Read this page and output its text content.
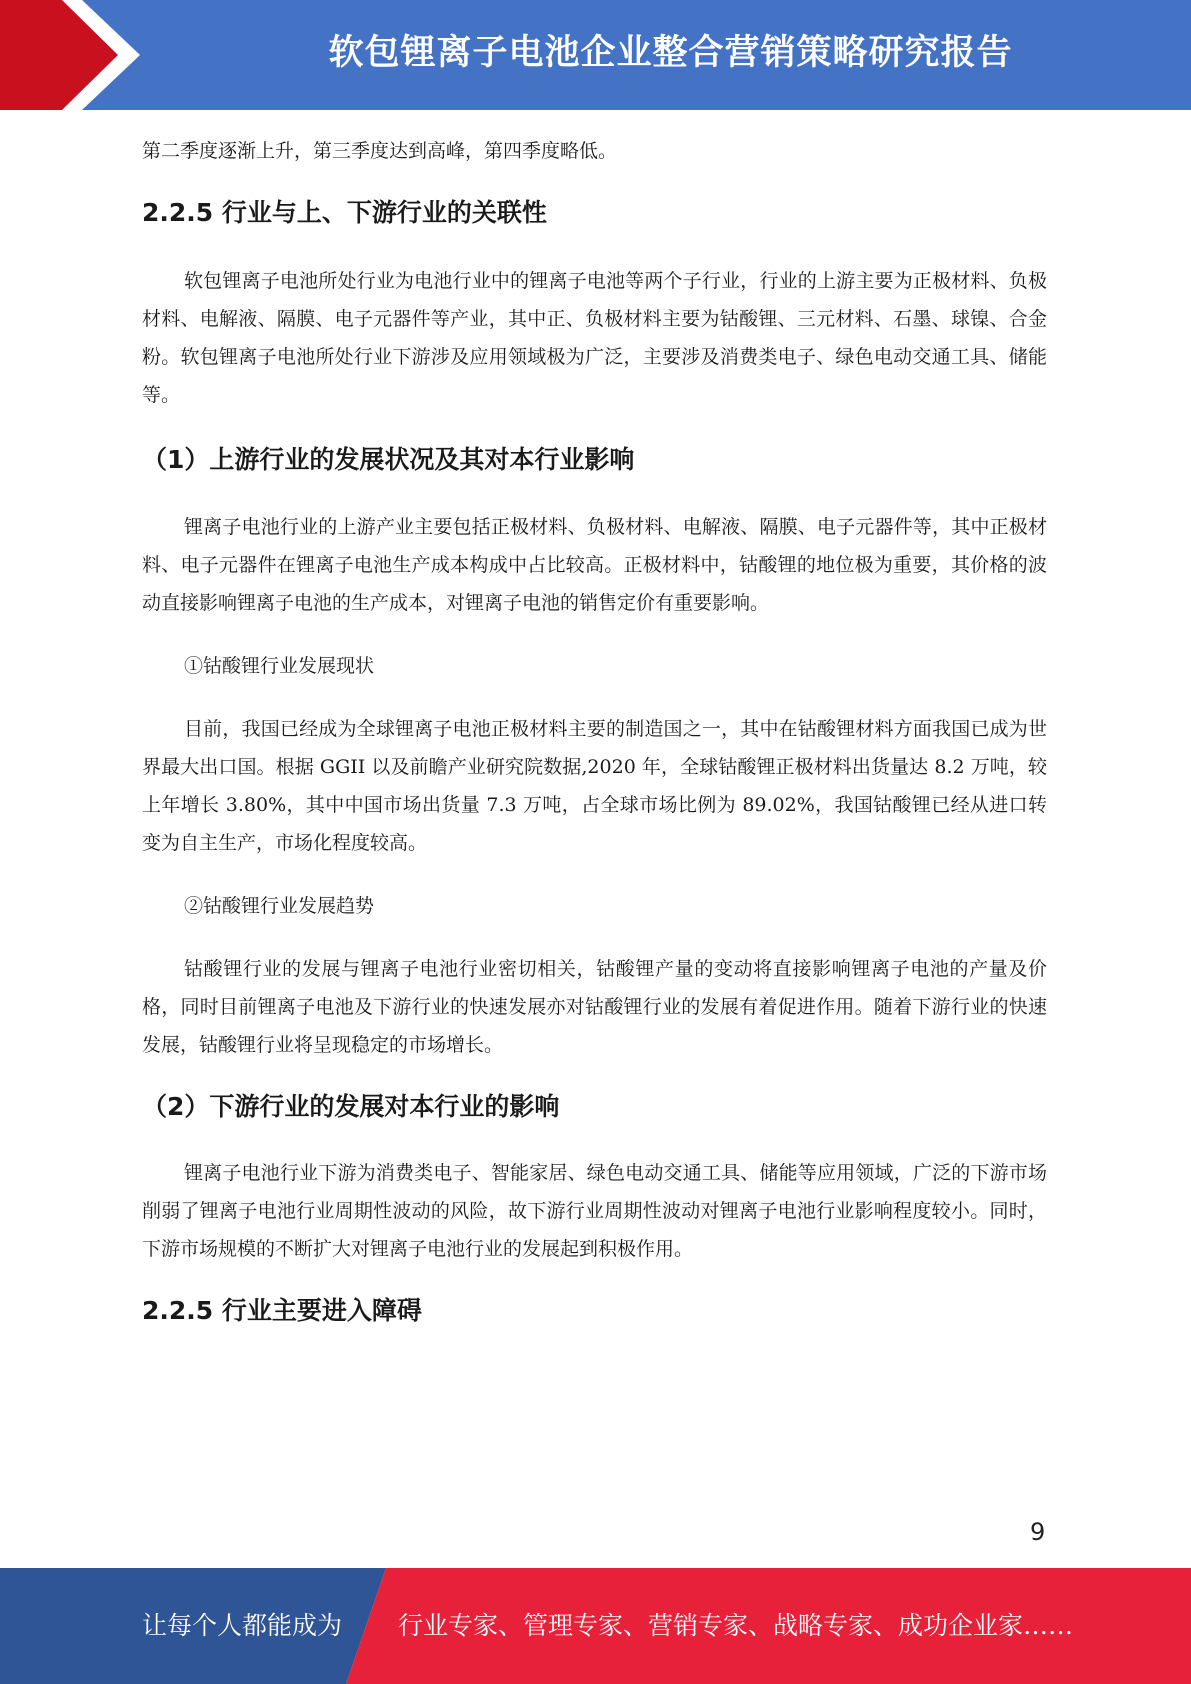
软包锂离子电池企业整合营销策略研究报告

第二季度逐渐上升，第三季度达到高峰，第四季度略低。

2.2.5 行业与上、下游行业的关联性

软包锂离子电池所处行业为电池行业中的锂离子电池等两个子行业，行业的上游主要为正极材料、负极材料、电解液、隔膜、电子元器件等产业，其中正、负极材料主要为钴酸锂、三元材料、石墨、球镍、合金粉。软包锂离子电池所处行业下游涉及应用领域极为广泛，主要涉及消费类电子、绿色电动交通工具、储能等。

（1）上游行业的发展状况及其对本行业影响

锂离子电池行业的上游产业主要包括正极材料、负极材料、电解液、隔膜、电子元器件等，其中正极材料、电子元器件在锂离子电池生产成本构成中占比较高。正极材料中，钴酸锂的地位极为重要，其价格的波动直接影响锂离子电池的生产成本，对锂离子电池的销售定价有重要影响。

①钴酸锂行业发展现状

目前，我国已经成为全球锂离子电池正极材料主要的制造国之一，其中在钴酸锂材料方面我国已成为世界最大出口国。根据 GGII 以及前瞻产业研究院数据,2020 年，全球钴酸锂正极材料出货量达 8.2 万吨，较上年增长 3.80%，其中中国市场出货量 7.3 万吨，占全球市场比例为 89.02%，我国钴酸锂已经从进口转变为自主生产，市场化程度较高。

②钴酸锂行业发展趋势

钴酸锂行业的发展与锂离子电池行业密切相关，钴酸锂产量的变动将直接影响锂离子电池的产量及价格，同时目前锂离子电池及下游行业的快速发展亦对钴酸锂行业的发展有着促进作用。随着下游行业的快速发展，钴酸锂行业将呈现稳定的市场增长。

（2）下游行业的发展对本行业的影响

锂离子电池行业下游为消费类电子、智能家居、绿色电动交通工具、储能等应用领域，广泛的下游市场削弱了锂离子电池行业周期性波动的风险，故下游行业周期性波动对锂离子电池行业影响程度较小。同时，下游市场规模的不断扩大对锂离子电池行业的发展起到积极作用。

2.2.5 行业主要进入障碍
9
让每个人都能成为 行业专家、管理专家、营销专家、战略专家、成功企业家……
